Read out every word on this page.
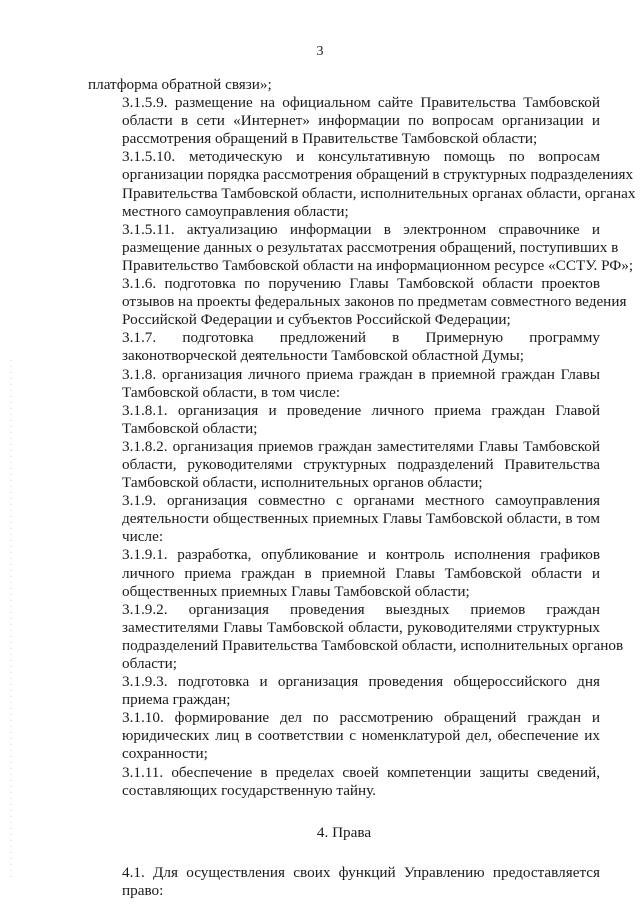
3

платформа обратной связи»;

3.1.5.9. размещение на официальном сайте Правительства Тамбовской
области в сети «Интернет» информации по вопросам организации и
рассмотрения обращений в Правительстве Тамбовской области;

3.1.5.10. методическую и консультативную помощь по вопросам
организации порядка рассмотрения обращений в структурных подразделениях
Правительства Тамбовской области, исполнительных органах области, органах
местного самоуправления области;

3.1.5.11. актуализацию информации в электронном справочнике и
размещение данных о результатах рассмотрения обращений, поступивших в
Правительство Тамбовской области на информационном ресурсе «ССТУ. РФ»;

3.1.6. подготовка по поручению Главы Тамбовской области проектов
отзывов на проекты федеральных законов по предметам совместного ведения
Российской Федерации и субъектов Российской Федерации;

3.1.7. подготовка предложений в Примерную программу
законотворческой деятельности Тамбовской областной Думы;

3.1.8. организация личного приема граждан в приемной граждан Главы
Тамбовской области, в том числе:

3.1.8.1. организация и проведение личного приема граждан Главой
Тамбовской области;

3.1.8.2. организация приемов граждан заместителями Главы Тамбовской
области, руководителями структурных подразделений Правительства
Тамбовской области, исполнительных органов области;

3.1.9. организация совместно с органами местного самоуправления
деятельности общественных приемных Главы Тамбовской области, в том
числе:

3.1.9.1. разработка, опубликование и контроль исполнения графиков
личного приема граждан в приемной Главы Тамбовской области и
общественных приемных Главы Тамбовской области;

3.1.9.2. организация проведения выездных приемов граждан
заместителями Главы Тамбовской области, руководителями структурных
подразделений Правительства Тамбовской области, исполнительных органов
области;

3.1.9.3. подготовка и организация проведения общероссийского дня
приема граждан;

3.1.10. формирование дел по рассмотрению обращений граждан и
юридических лиц в соответствии с номенклатурой дел, обеспечение их
сохранности;

3.1.11. обеспечение в пределах своей компетенции защиты сведений,
составляющих государственную тайну.

4. Права

4.1. Для осуществления своих функций Управлению предоставляется
право:
